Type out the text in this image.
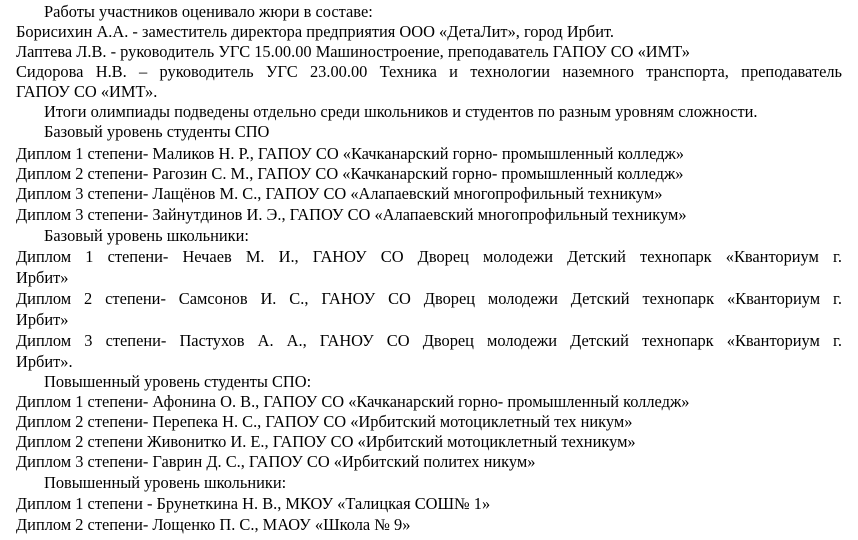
Работы участников оценивало жюри в составе:
Борисихин А.А. - заместитель директора предприятия ООО «ДетаЛит», город Ирбит.
Лаптева Л.В. - руководитель УГС 15.00.00 Машиностроение, преподаватель ГАПОУ СО «ИМТ»
Сидорова Н.В. – руководитель УГС 23.00.00 Техника и технологии наземного транспорта, преподаватель
ГАПОУ СО «ИМТ».
Итоги олимпиады подведены отдельно среди школьников и студентов по разным уровням сложности.
Базовый уровень студенты СПО
Диплом 1 степени- Маликов Н. Р., ГАПОУ СО «Качканарский горно- промышленный колледж»
Диплом 2 степени- Рагозин С. М., ГАПОУ СО «Качканарский горно- промышленный колледж»
Диплом 3 степени- Лащёнов М. С., ГАПОУ СО «Алапаевский многопрофильный техникум»
Диплом 3 степени- Зайнутдинов И. Э., ГАПОУ СО «Алапаевский многопрофильный техникум»
Базовый уровень школьники:
Диплом 1 степени- Нечаев М. И., ГАНОУ СО Дворец молодежи Детский технопарк «Кванториум г.
Ирбит»
Диплом 2 степени- Самсонов И. С., ГАНОУ СО Дворец молодежи Детский технопарк «Кванториум г.
Ирбит»
Диплом 3 степени- Пастухов А. А., ГАНОУ СО Дворец молодежи Детский технопарк «Кванториум г.
Ирбит».
Повышенный уровень студенты СПО:
Диплом 1 степени- Афонина О. В., ГАПОУ СО «Качканарский горно- промышленный колледж»
Диплом 2 степени- Перепека Н. С., ГАПОУ СО «Ирбитский мотоциклетный тех никум»
Диплом 2 степени Живонитко И. Е., ГАПОУ СО «Ирбитский мотоциклетный техникум»
Диплом 3 степени- Гаврин Д. С., ГАПОУ СО «Ирбитский политех никум»
Повышенный уровень школьники:
Диплом 1 степени - Брунеткина Н. В., МКОУ «Талицкая СОШ№ 1»
Диплом 2 степени- Лощенко П. С., МАОУ «Школа № 9»
